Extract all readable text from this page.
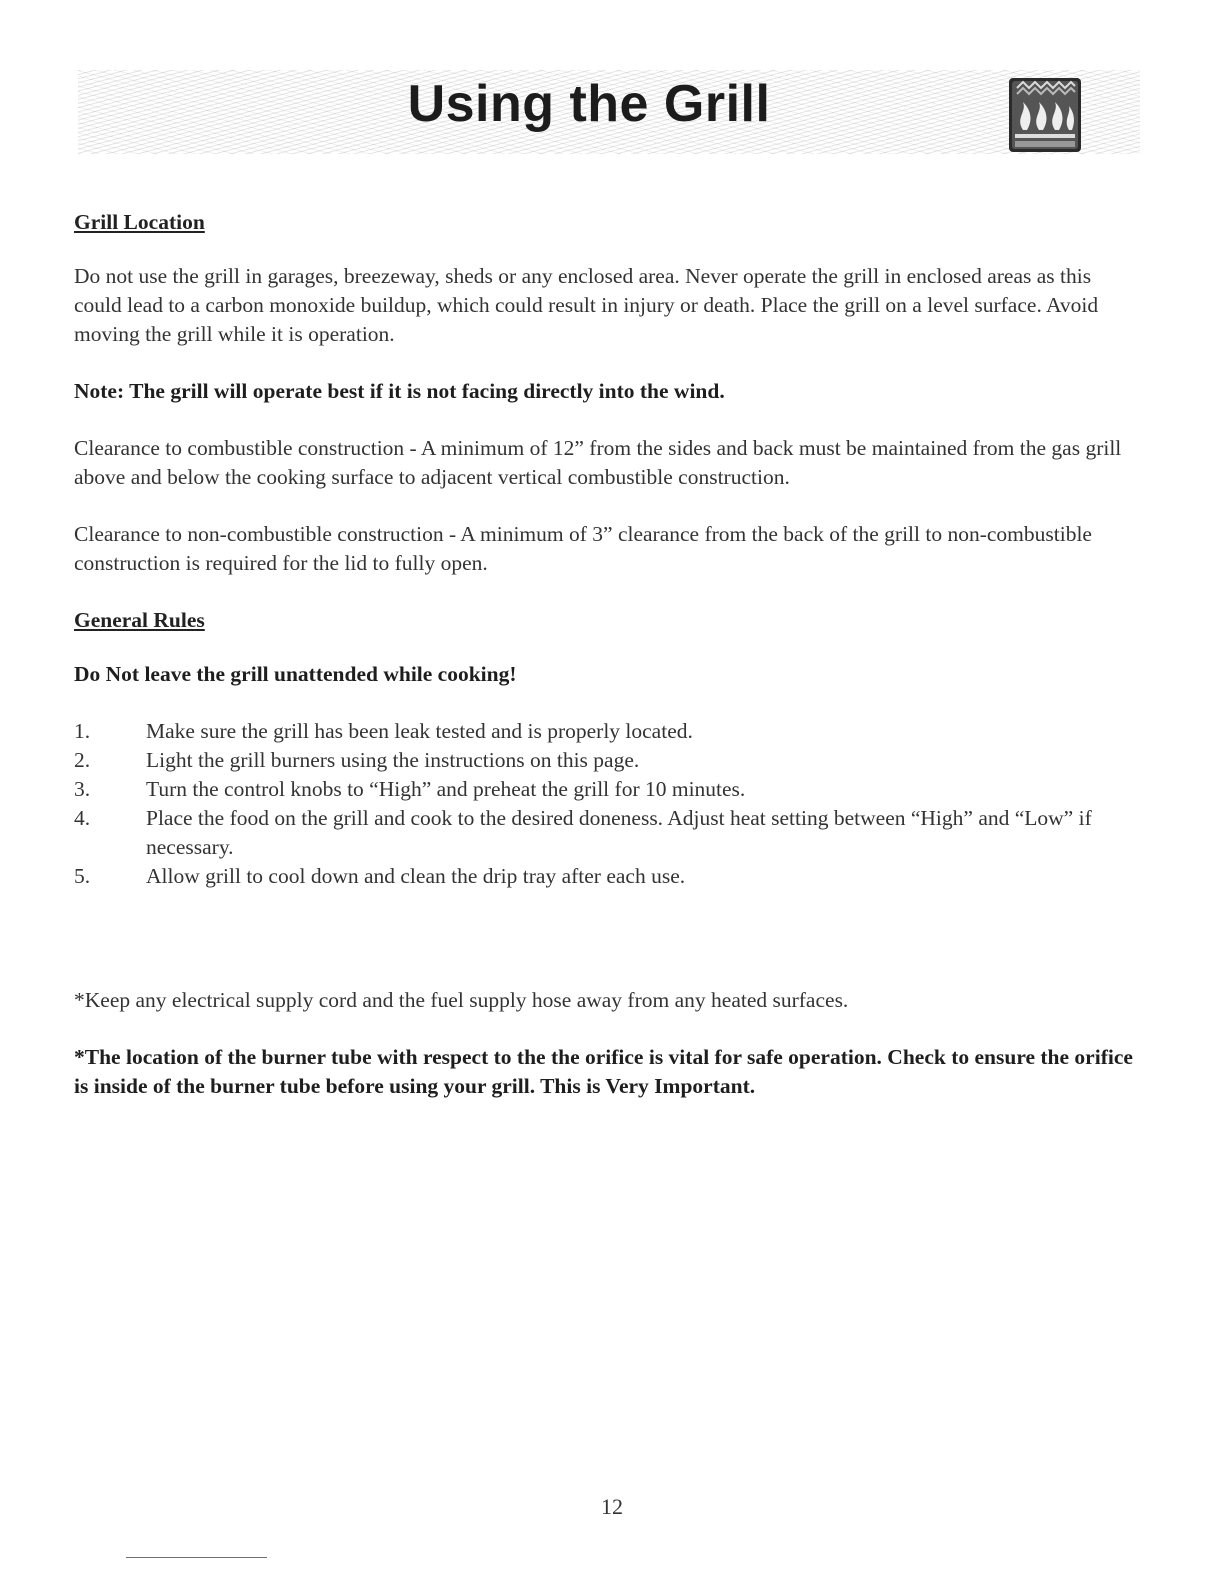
Using the Grill

Grill Location

Do not use the grill in garages, breezeway, sheds or any enclosed area. Never operate the grill in enclosed areas as this could lead to a carbon monoxide buildup, which could result in injury or death. Place the grill on a level surface. Avoid moving the grill while it is operation.

Note: The grill will operate best if it is not facing directly into the wind.

Clearance to combustible construction - A minimum of 12” from the sides and back must be maintained from the gas grill above and below the cooking surface to adjacent vertical combustible construction.

Clearance to non-combustible construction - A minimum of 3” clearance from the back of the grill to non-combustible construction is required for the lid to fully open.

General Rules

Do Not leave the grill unattended while cooking!

1.	Make sure the grill has been leak tested and is properly located.
2.	Light the grill burners using the instructions on this page.
3.	Turn the control knobs to “High” and preheat the grill for 10 minutes.
4.	Place the food on the grill and cook to the desired doneness. Adjust heat setting between “High” and “Low” if necessary.
5.	Allow grill to cool down and clean the drip tray after each use.

*Keep any electrical supply cord and the fuel supply hose away from any heated surfaces.

*The location of the burner tube with respect to the the orifice is vital for safe operation. Check to ensure the orifice is inside of the burner tube before using your grill. This is Very Important.

12
